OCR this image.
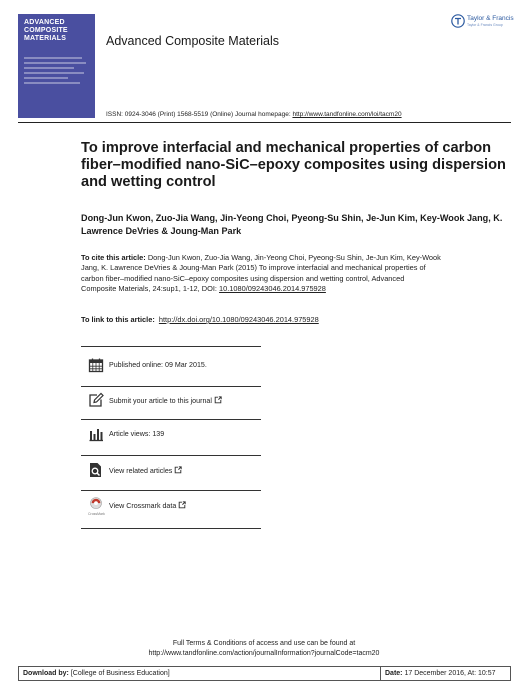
ADVANCED
COMPOSITE
MATERIALS	Advanced Composite Materials
Taylor & Francis
Taylor & Francis Group
ISSN: 0924-3046 (Print) 1568-5519 (Online) Journal homepage: http://www.tandfonline.com/loi/tacm20
To improve interfacial and mechanical properties of carbon fiber–modified nano-SiC–epoxy composites using dispersion and wetting control
Dong-Jun Kwon, Zuo-Jia Wang, Jin-Yeong Choi, Pyeong-Su Shin, Je-Jun Kim, Key-Wook Jang, K. Lawrence DeVries & Joung-Man Park
To cite this article: Dong-Jun Kwon, Zuo-Jia Wang, Jin-Yeong Choi, Pyeong-Su Shin, Je-Jun Kim, Key-Wook Jang, K. Lawrence DeVries & Joung-Man Park (2015) To improve interfacial and mechanical properties of carbon fiber–modified nano-SiC–epoxy composites using dispersion and wetting control, Advanced Composite Materials, 24:sup1, 1-12, DOI: 10.1080/09243046.2014.975928
To link to this article: http://dx.doi.org/10.1080/09243046.2014.975928
Published online: 09 Mar 2015.
Submit your article to this journal
Article views: 139
View related articles
CrossMark
View Crossmark data
Full Terms & Conditions of access and use can be found at
http://www.tandfonline.com/action/journalInformation?journalCode=tacm20
Download by: [College of Business Education]	Date: 17 December 2016, At: 10:57
